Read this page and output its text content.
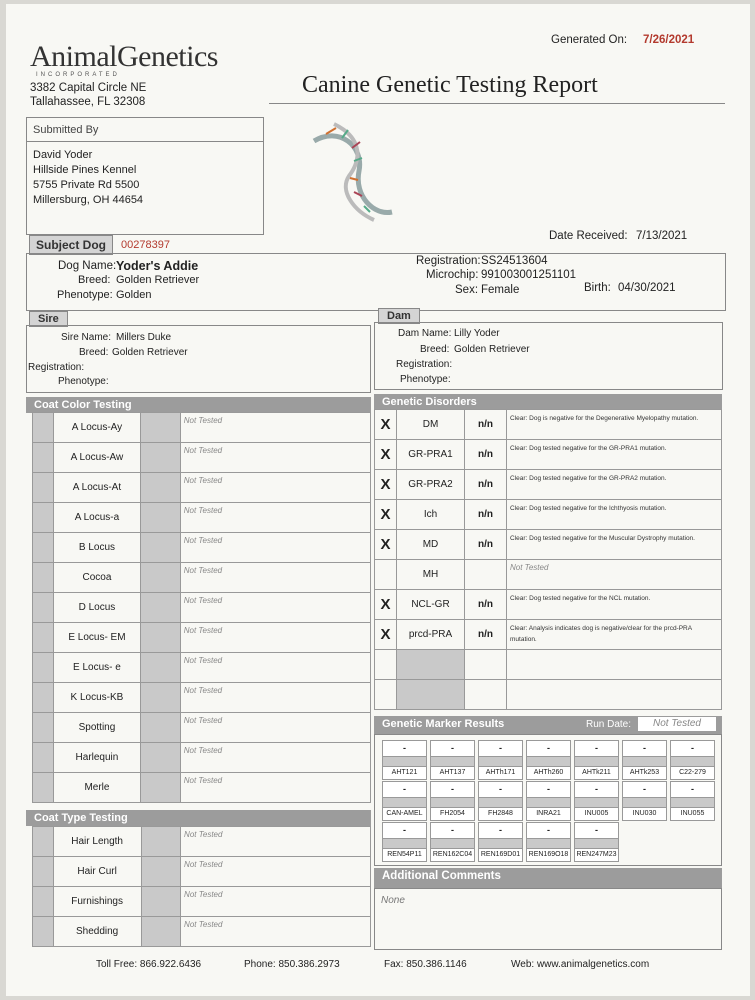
AnimalGenetics
INCORPORATED
3382 Capital Circle NE
Tallahassee, FL 32308
Generated On: 7/26/2021
Canine Genetic Testing Report
Submitted By
David Yoder
Hillside Pines Kennel
5755 Private Rd 5500
Millersburg, OH 44654
Subject Dog	00278397
Date Received: 7/13/2021
Dog Name: Yoder's Addie
Breed: Golden Retriever
Phenotype: Golden
Registration: SS24513604
Microchip: 991003001251101
Sex: Female	Birth: 04/30/2021
Sire
Sire Name: Millers Duke
Breed: Golden Retriever
Registration:
Phenotype:
Dam
Dam Name: Lilly Yoder
Breed: Golden Retriever
Registration:
Phenotype:
Coat Color Testing
	A Locus-Ay		Not Tested
	A Locus-Aw		Not Tested
	A Locus-At		Not Tested
	A Locus-a		Not Tested
	B Locus		Not Tested
	Cocoa		Not Tested
	D Locus		Not Tested
	E Locus- EM		Not Tested
	E Locus- e		Not Tested
	K Locus-KB		Not Tested
	Spotting		Not Tested
	Harlequin		Not Tested
	Merle		Not Tested
Coat Type Testing
	Hair Length		Not Tested
	Hair Curl		Not Tested
	Furnishings		Not Tested
	Shedding		Not Tested
Genetic Disorders
X	DM	n/n	Clear: Dog is negative for the Degenerative Myelopathy mutation.
X	GR-PRA1	n/n	Clear: Dog tested negative for the GR-PRA1 mutation.
X	GR-PRA2	n/n	Clear: Dog tested negative for the GR-PRA2 mutation.
X	Ich	n/n	Clear: Dog tested negative for the Ichthyosis mutation.
X	MD	n/n	Clear: Dog tested negative for the Muscular Dystrophy mutation.
	MH		Not Tested
X	NCL-GR	n/n	Clear: Dog tested negative for the NCL mutation.
X	prcd-PRA	n/n	Clear: Analysis indicates dog is negative/clear for the prcd-PRA mutation.

Genetic Marker Results	Run Date:	Not Tested
-
AHT121
-
AHT137
-
AHTh171
-
AHTh260
-
AHTk211
-
AHTk253
-
C22-279
-
CAN-AMEL
-
FH2054
-
FH2848
-
INRA21
-
INU005
-
INU030
-
INU055
-
REN54P11
-
REN162C04
-
REN169D01
-
REN169O18
-
REN247M23
Additional Comments
None
Toll Free: 866.922.6436	Phone: 850.386.2973	Fax: 850.386.1146	Web: www.animalgenetics.com
